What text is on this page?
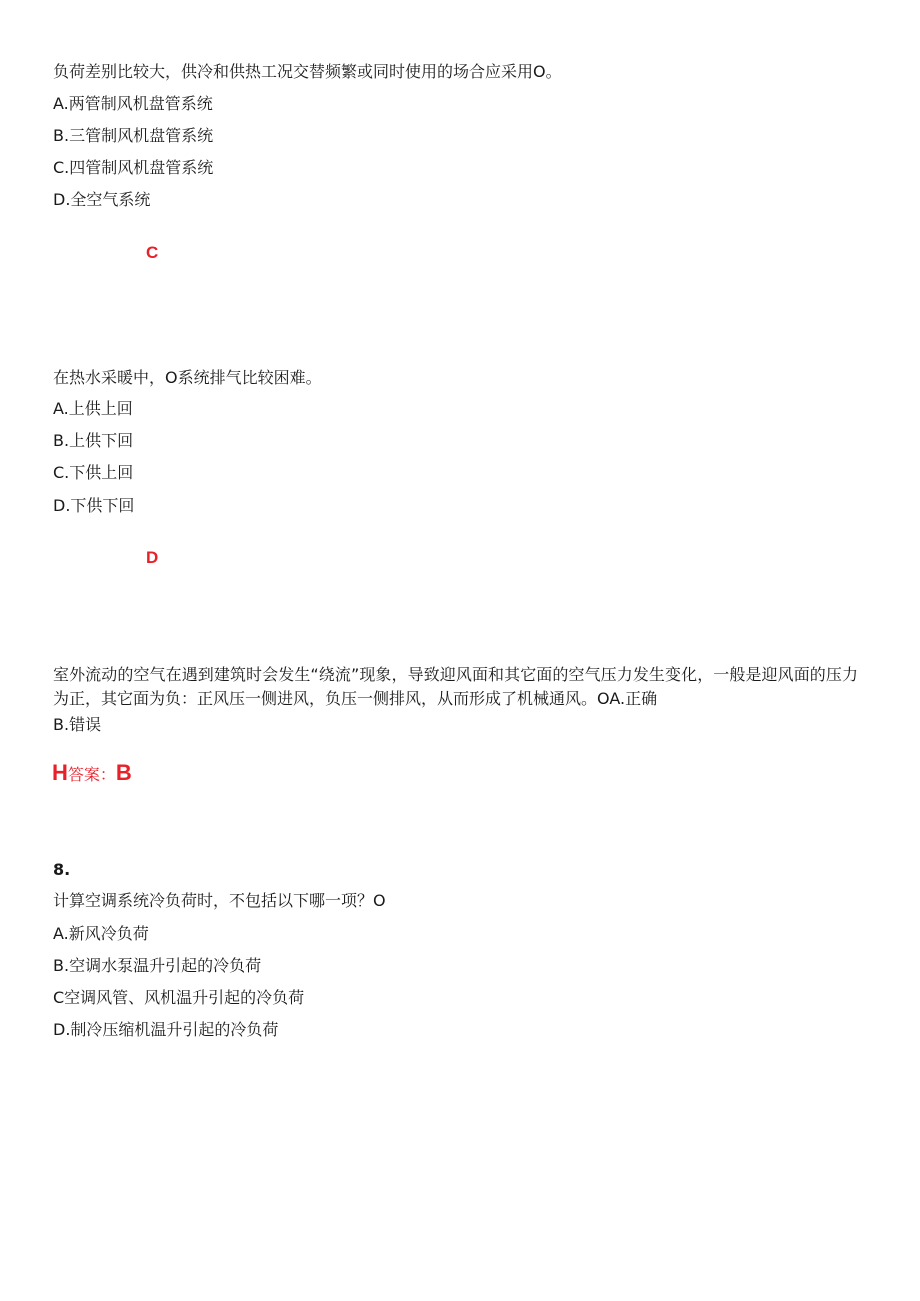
负荷差别比较大，供冷和供热工况交替频繁或同时使用的场合应采用O。
A.两管制风机盘管系统
B.三管制风机盘管系统
C.四管制风机盘管系统
D.全空气系统
C
在热水采暖中，O系统排气比较困难。
A.上供上回
B.上供下回
C.下供上回
D.下供下回
D
室外流动的空气在遇到建筑时会发生“绕流”现象，导致迎风面和其它面的空气压力发生变化，一般是迎风面的压力为正，其它面为负：正风压一侧进风，负压一侧排风，从而形成了机械通风。OA.正确
B.错误
H答案：B
8.
计算空调系统冷负荷时，不包括以下哪一项？O
A.新风冷负荷
B.空调水泵温升引起的冷负荷
C空调风管、风机温升引起的冷负荷
D.制冷压缩机温升引起的冷负荷
